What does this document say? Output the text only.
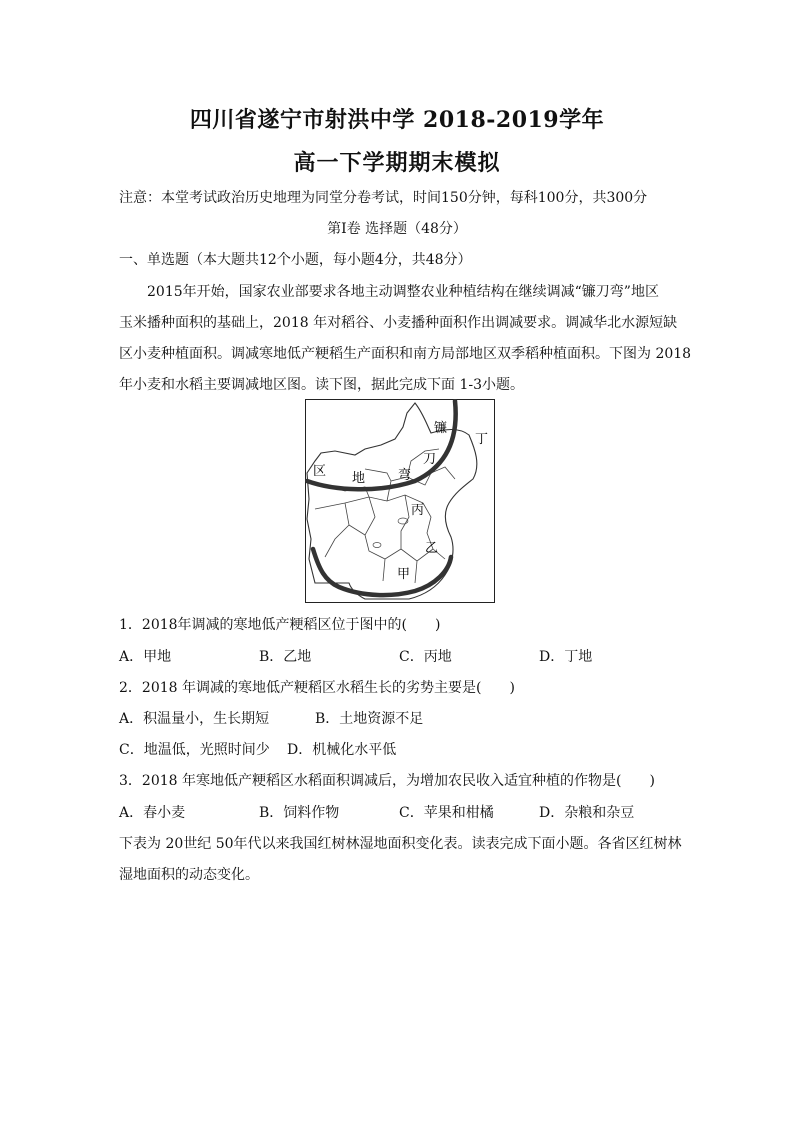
四川省遂宁市射洪中学 2018-2019学年
高一下学期期末模拟
注意：本堂考试政治历史地理为同堂分卷考试，时间150分钟，每科100分，共300分
第Ⅰ卷 选择题（48分）
一、单选题（本大题共12个小题，每小题4分，共48分）
2015年开始，国家农业部要求各地主动调整农业种植结构在继续调减“镰刀弯”地区
玉米播种面积的基础上，2018 年对稻谷、小麦播种面积作出调减要求。调减华北水源短缺
区小麦种植面积。调减寒地低产粳稻生产面积和南方局部地区双季稻种植面积。下图为 2018
年小麦和水稻主要调减地区图。读下图，据此完成下面 1-3小题。
镰
刀
弯
地
区
丁
丙
乙
甲
1．2018年调减的寒地低产粳稻区位于图中的(　　)
A．甲地	B．乙地	C．丙地	D．丁地
2．2018 年调减的寒地低产粳稻区水稻生长的劣势主要是(　　)
A．积温量小，生长期短	B．土地资源不足
C．地温低，光照时间少 D．机械化水平低
3．2018 年寒地低产粳稻区水稻面积调减后，为增加农民收入适宜种植的作物是(　　)
A．春小麦	B．饲料作物	C．苹果和柑橘	D．杂粮和杂豆
下表为 20世纪 50年代以来我国红树林湿地面积变化表。读表完成下面小题。各省区红树林
湿地面积的动态变化。
